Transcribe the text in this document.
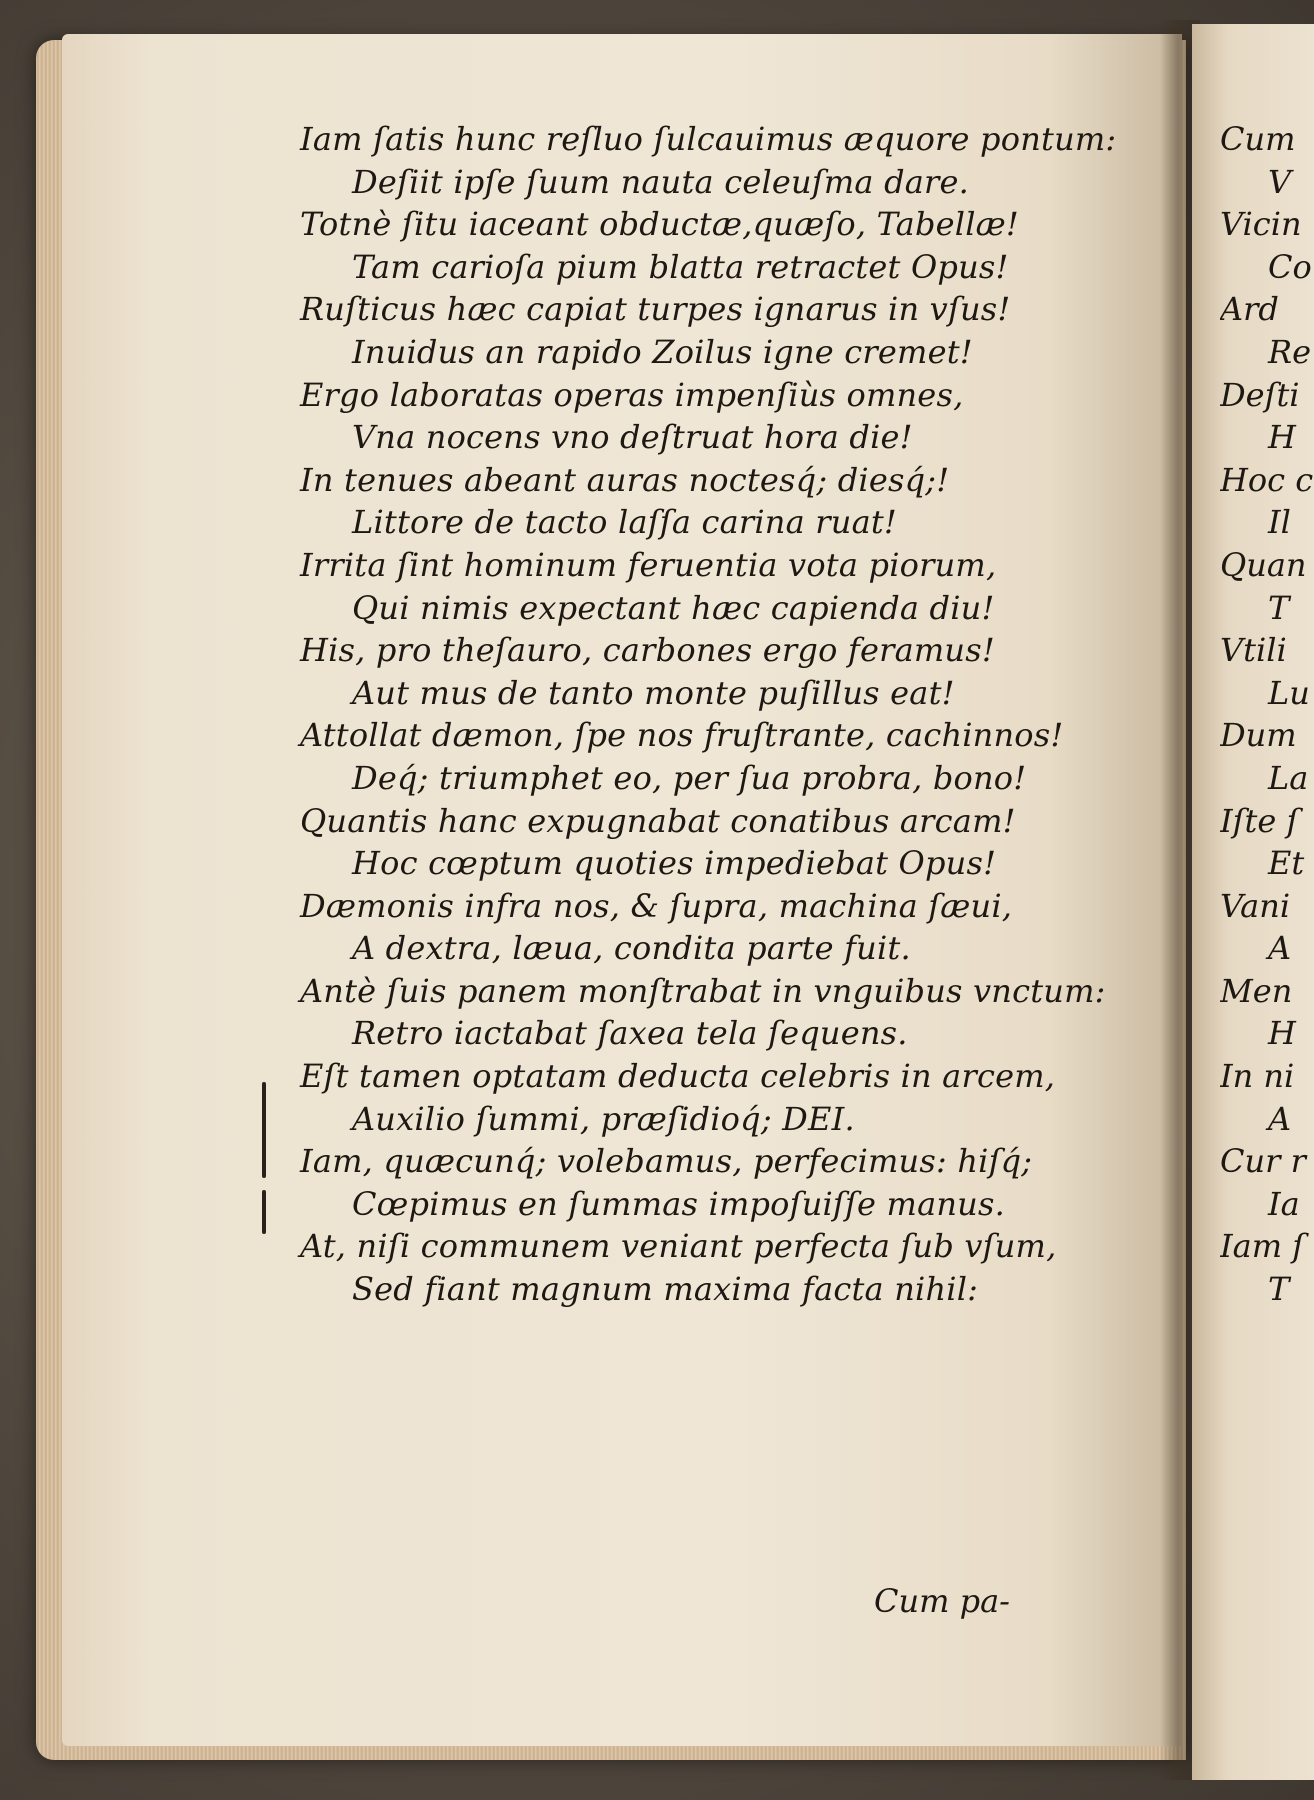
Iam ſatis hunc reſluo ſulcauimus æquore pontum:
Deſiit ipſe ſuum nauta celeuſma dare.
Totnè ſitu iaceant obductæ,quæſo, Tabellæ!
Tam carioſa pium blatta retractet Opus!
Ruſticus hæc capiat turpes ignarus in vſus!
Inuidus an rapido Zoilus igne cremet!
Ergo laboratas operas impenſiùs omnes,
Vna nocens vno deſtruat hora die!
In tenues abeant auras noctesq́; diesq́;!
Littore de tacto laſſa carina ruat!
Irrita ſint hominum feruentia vota piorum,
Qui nimis expectant hæc capienda diu!
His, pro theſauro, carbones ergo feramus!
Aut mus de tanto monte puſillus eat!
Attollat dæmon, ſpe nos fruſtrante, cachinnos!
Deq́; triumphet eo, per ſua probra, bono!
Quantis hanc expugnabat conatibus arcam!
Hoc cœptum quoties impediebat Opus!
Dæmonis infra nos, & ſupra, machina ſæui,
A dextra, læua, condita parte fuit.
Antè ſuis panem monſtrabat in vnguibus vnctum:
Retro iactabat ſaxea tela ſequens.
Eſt tamen optatam deducta celebris in arcem,
Auxilio ſummi, præſidioq́; DEI.
Iam, quæcunq́; volebamus, perfecimus: hiſq́;
Cœpimus en ſummas impoſuiſſe manus.
At, niſi communem veniant perfecta ſub vſum,
Sed fiant magnum maxima facta nihil:
Cum pa-
Cum
V
Vicin
Co
Ard
Re
Deſti
H
Hoc c
Il
Quan
T
Vtili
Lu
Dum
La
Iſte ſ
Et
Vani
A
Men
H
In ni
A
Cur r
Ia
Iam ſ
T
